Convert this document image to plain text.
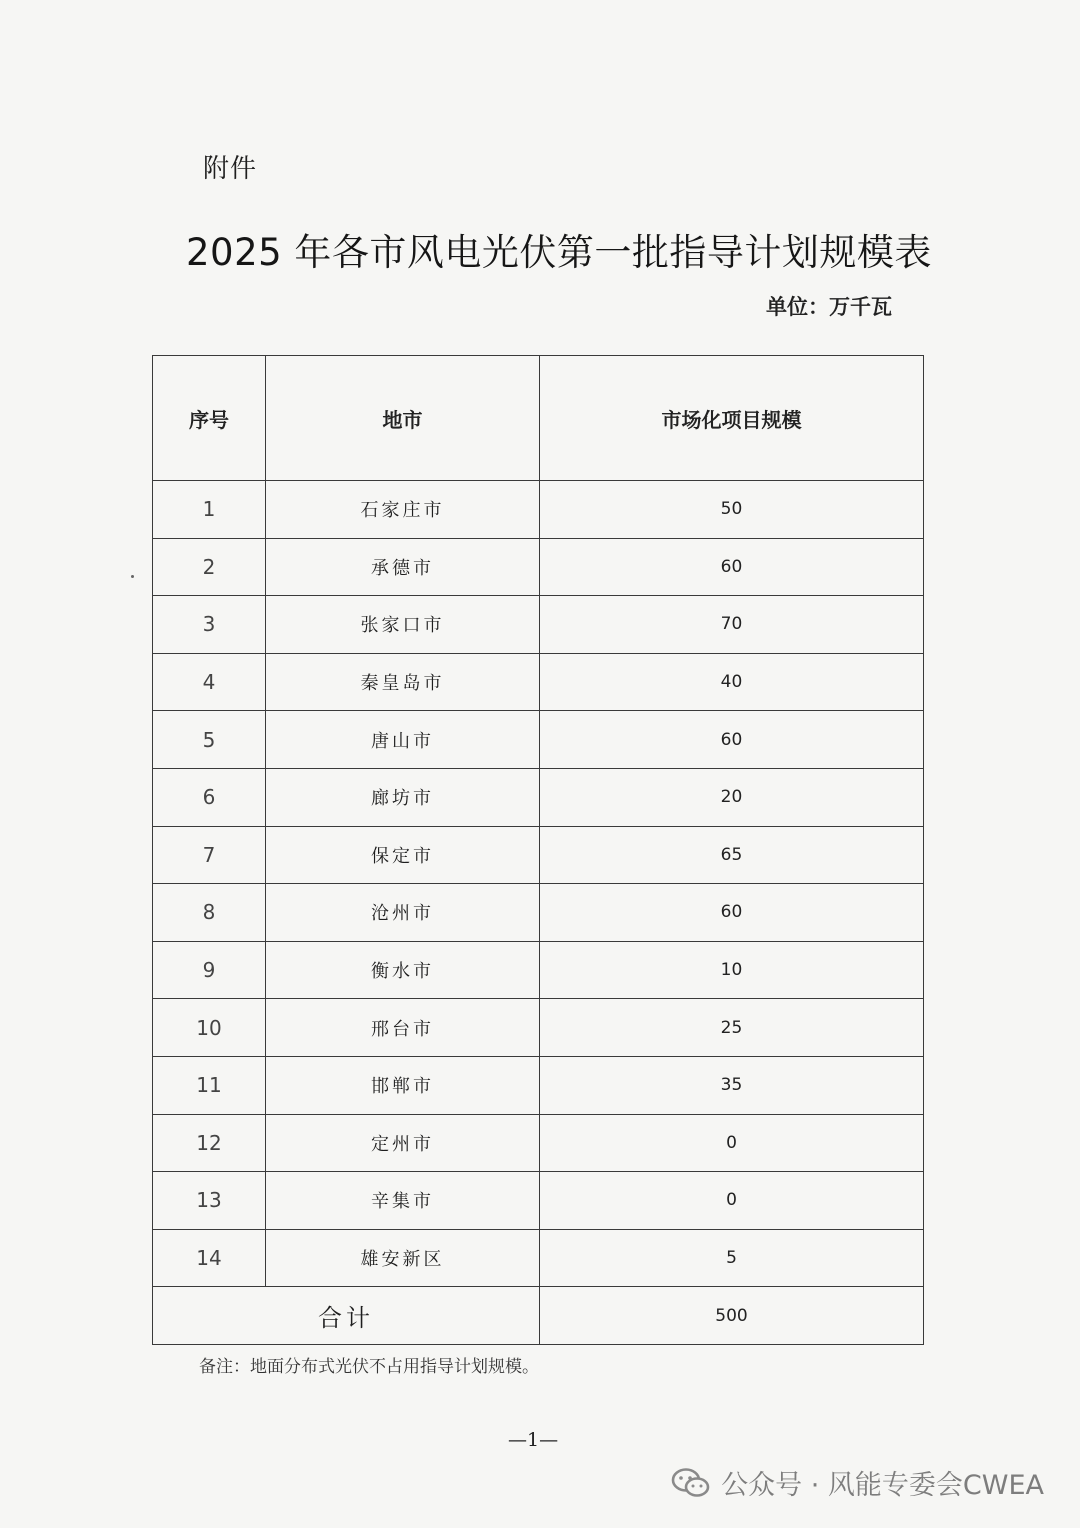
附件
2025 年各市风电光伏第一批指导计划规模表
单位：万千瓦
序号	地市	市场化项目规模
1	石家庄市	50
2	承德市	60
3	张家口市	70
4	秦皇岛市	40
5	唐山市	60
6	廊坊市	20
7	保定市	65
8	沧州市	60
9	衡水市	10
10	邢台市	25
11	邯郸市	35
12	定州市	0
13	辛集市	0
14	雄安新区	5
合计		500
备注：地面分布式光伏不占用指导计划规模。
—1—
公众号 · 风能专委会CWEA
